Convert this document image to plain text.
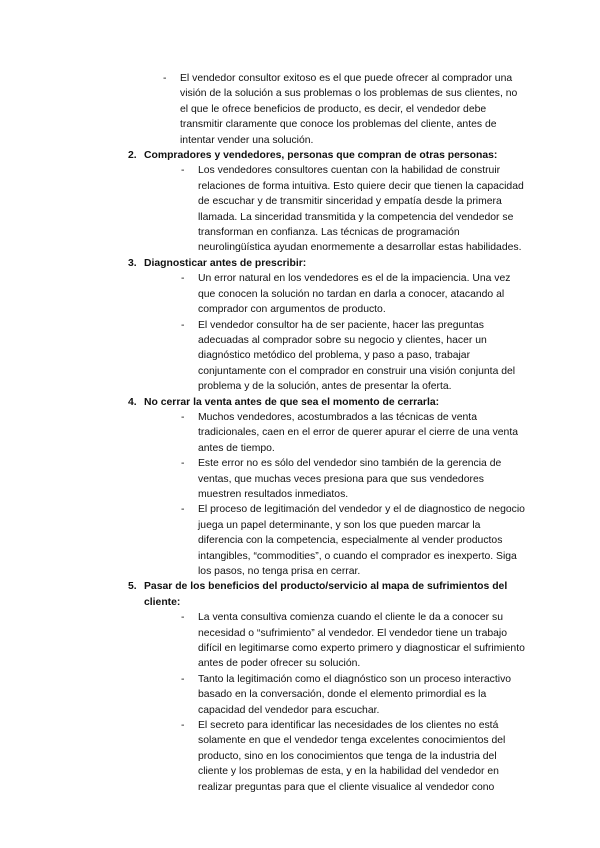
- El vendedor consultor exitoso es el que puede ofrecer al comprador una visión de la solución a sus problemas o los problemas de sus clientes, no el que le ofrece beneficios de producto, es decir, el vendedor debe transmitir claramente que conoce los problemas del cliente, antes de intentar vender una solución.
2. Compradores y vendedores, personas que compran de otras personas:
- Los vendedores consultores cuentan con la habilidad de construir relaciones de forma intuitiva. Esto quiere decir que tienen la capacidad de escuchar y de transmitir sinceridad y empatía desde la primera llamada. La sinceridad transmitida y la competencia del vendedor se transforman en confianza. Las técnicas de programación neurolingüística ayudan enormemente a desarrollar estas habilidades.
3. Diagnosticar antes de prescribir:
- Un error natural en los vendedores es el de la impaciencia. Una vez que conocen la solución no tardan en darla a conocer, atacando al comprador con argumentos de producto.
- El vendedor consultor ha de ser paciente, hacer las preguntas adecuadas al comprador sobre su negocio y clientes, hacer un diagnóstico metódico del problema, y paso a paso, trabajar conjuntamente con el comprador en construir una visión conjunta del problema y de la solución, antes de presentar la oferta.
4. No cerrar la venta antes de que sea el momento de cerrarla:
- Muchos vendedores, acostumbrados a las técnicas de venta tradicionales, caen en el error de querer apurar el cierre de una venta antes de tiempo.
- Este error no es sólo del vendedor sino también de la gerencia de ventas, que muchas veces presiona para que sus vendedores muestren resultados inmediatos.
- El proceso de legitimación del vendedor y el de diagnostico de negocio juega un papel determinante, y son los que pueden marcar la diferencia con la competencia, especialmente al vender productos intangibles, “commodities”, o cuando el comprador es inexperto. Siga los pasos, no tenga prisa en cerrar.
5. Pasar de los beneficios del producto/servicio al mapa de sufrimientos del cliente:
- La venta consultiva comienza cuando el cliente le da a conocer su necesidad o “sufrimiento” al vendedor. El vendedor tiene un trabajo difícil en legitimarse como experto primero y diagnosticar el sufrimiento antes de poder ofrecer su solución.
- Tanto la legitimación como el diagnóstico son un proceso interactivo basado en la conversación, donde el elemento primordial es la capacidad del vendedor para escuchar.
- El secreto para identificar las necesidades de los clientes no está solamente en que el vendedor tenga excelentes conocimientos del producto, sino en los conocimientos que tenga de la industria del cliente y los problemas de esta, y en la habilidad del vendedor en realizar preguntas para que el cliente visualice al vendedor cono
